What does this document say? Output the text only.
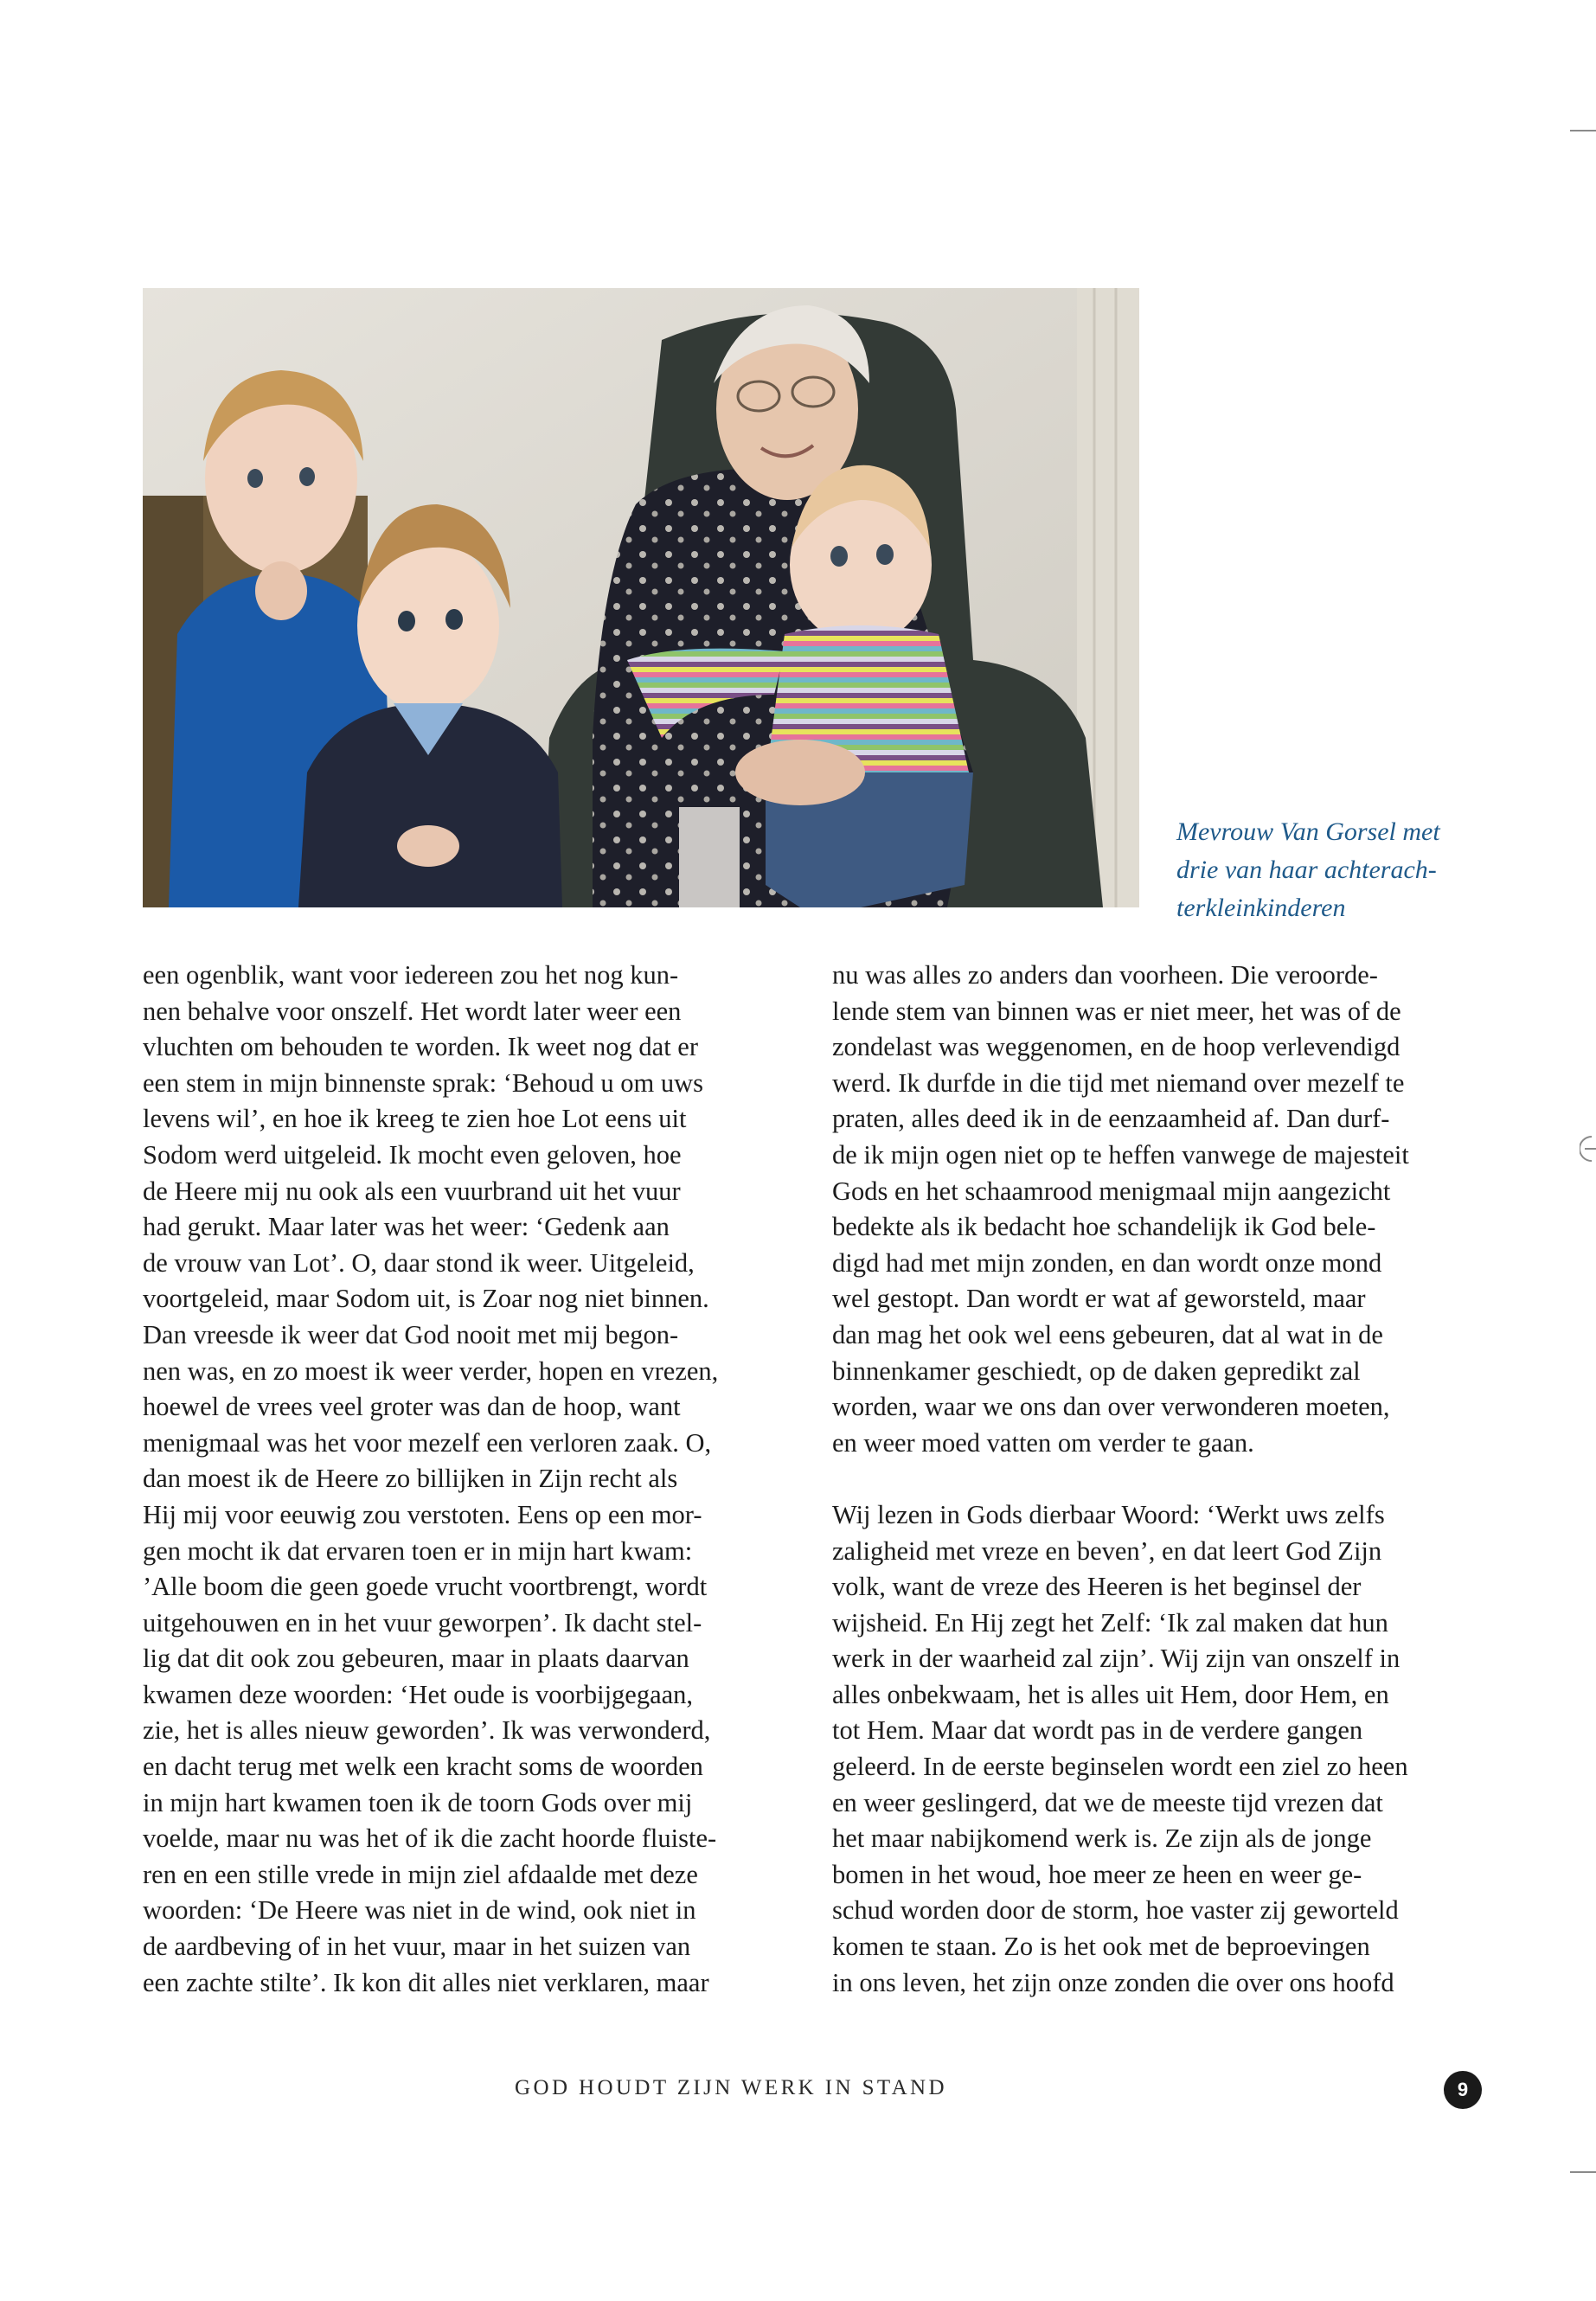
Mevrouw Van Gorsel met
drie van haar achterach-
terkleinkinderen
een ogenblik, want voor iedereen zou het nog kun-
nen behalve voor onszelf. Het wordt later weer een
vluchten om behouden te worden. Ik weet nog dat er
een stem in mijn binnenste sprak: ‘Behoud u om uws
levens wil’, en hoe ik kreeg te zien hoe Lot eens uit
Sodom werd uitgeleid. Ik mocht even geloven, hoe
de Heere mij nu ook als een vuurbrand uit het vuur
had gerukt. Maar later was het weer: ‘Gedenk aan
de vrouw van Lot’. O, daar stond ik weer. Uitgeleid,
voortgeleid, maar Sodom uit, is Zoar nog niet binnen.
Dan vreesde ik weer dat God nooit met mij begon-
nen was, en zo moest ik weer verder, hopen en vrezen,
hoewel de vrees veel groter was dan de hoop, want
menigmaal was het voor mezelf een verloren zaak. O,
dan moest ik de Heere zo billijken in Zijn recht als
Hij mij voor eeuwig zou verstoten. Eens op een mor-
gen mocht ik dat ervaren toen er in mijn hart kwam:
’Alle boom die geen goede vrucht voortbrengt, wordt
uitgehouwen en in het vuur geworpen’. Ik dacht stel-
lig dat dit ook zou gebeuren, maar in plaats daarvan
kwamen deze woorden: ‘Het oude is voorbijgegaan,
zie, het is alles nieuw geworden’. Ik was verwonderd,
en dacht terug met welk een kracht soms de woorden
in mijn hart kwamen toen ik de toorn Gods over mij
voelde, maar nu was het of ik die zacht hoorde fluiste-
ren en een stille vrede in mijn ziel afdaalde met deze
woorden: ‘De Heere was niet in de wind, ook niet in
de aardbeving of in het vuur, maar in het suizen van
een zachte stilte’. Ik kon dit alles niet verklaren, maar
nu was alles zo anders dan voorheen. Die veroorde-
lende stem van binnen was er niet meer, het was of de
zondelast was weggenomen, en de hoop verlevendigd
werd. Ik durfde in die tijd met niemand over mezelf te
praten, alles deed ik in de eenzaamheid af. Dan durf-
de ik mijn ogen niet op te heffen vanwege de majesteit
Gods en het schaamrood menigmaal mijn aangezicht
bedekte als ik bedacht hoe schandelijk ik God bele-
digd had met mijn zonden, en dan wordt onze mond
wel gestopt. Dan wordt er wat af geworsteld, maar
dan mag het ook wel eens gebeuren, dat al wat in de
binnenkamer geschiedt, op de daken gepredikt zal
worden, waar we ons dan over verwonderen moeten,
en weer moed vatten om verder te gaan.
Wij lezen in Gods dierbaar Woord: ‘Werkt uws zelfs
zaligheid met vreze en beven’, en dat leert God Zijn
volk, want de vreze des Heeren is het beginsel der
wijsheid. En Hij zegt het Zelf: ‘Ik zal maken dat hun
werk in der waarheid zal zijn’. Wij zijn van onszelf in
alles onbekwaam, het is alles uit Hem, door Hem, en
tot Hem. Maar dat wordt pas in de verdere gangen
geleerd. In de eerste beginselen wordt een ziel zo heen
en weer geslingerd, dat we de meeste tijd vrezen dat
het maar nabijkomend werk is. Ze zijn als de jonge
bomen in het woud, hoe meer ze heen en weer ge-
schud worden door de storm, hoe vaster zij geworteld
komen te staan. Zo is het ook met de beproevingen
in ons leven, het zijn onze zonden die over ons hoofd
GOD HOUDT ZIJN WERK IN STAND	9
